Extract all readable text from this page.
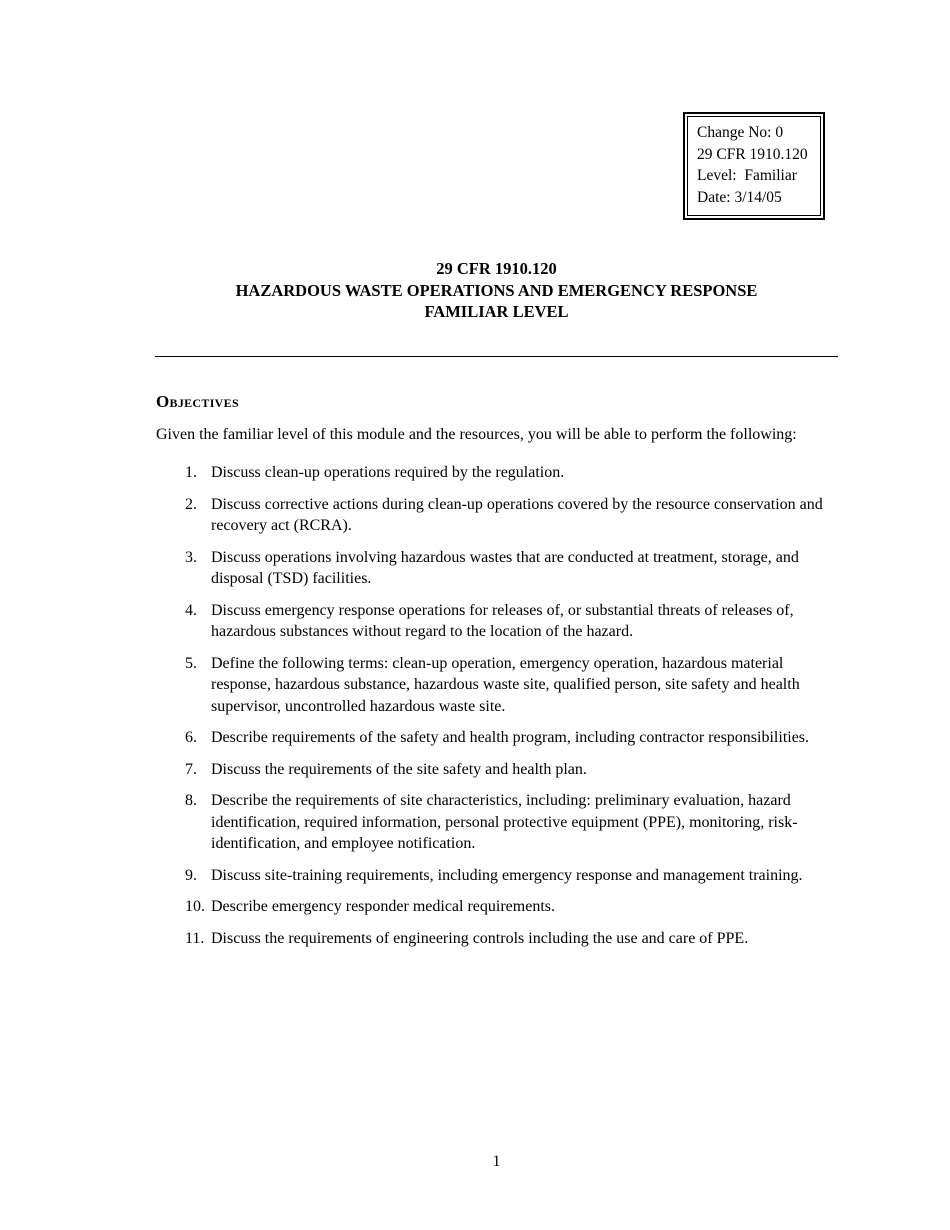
Change No: 0
29 CFR 1910.120
Level:  Familiar
Date: 3/14/05
29 CFR 1910.120
HAZARDOUS WASTE OPERATIONS AND EMERGENCY RESPONSE
FAMILIAR LEVEL
Objectives

Given the familiar level of this module and the resources, you will be able to perform the following:

1. Discuss clean-up operations required by the regulation.
2. Discuss corrective actions during clean-up operations covered by the resource conservation and recovery act (RCRA).
3. Discuss operations involving hazardous wastes that are conducted at treatment, storage, and disposal (TSD) facilities.
4. Discuss emergency response operations for releases of, or substantial threats of releases of, hazardous substances without regard to the location of the hazard.
5. Define the following terms: clean-up operation, emergency operation, hazardous material response, hazardous substance, hazardous waste site, qualified person, site safety and health supervisor, uncontrolled hazardous waste site.
6. Describe requirements of the safety and health program, including contractor responsibilities.
7. Discuss the requirements of the site safety and health plan.
8. Describe the requirements of site characteristics, including: preliminary evaluation, hazard identification, required information, personal protective equipment (PPE), monitoring, risk-identification, and employee notification.
9. Discuss site-training requirements, including emergency response and management training.
10. Describe emergency responder medical requirements.
11. Discuss the requirements of engineering controls including the use and care of PPE.
1
